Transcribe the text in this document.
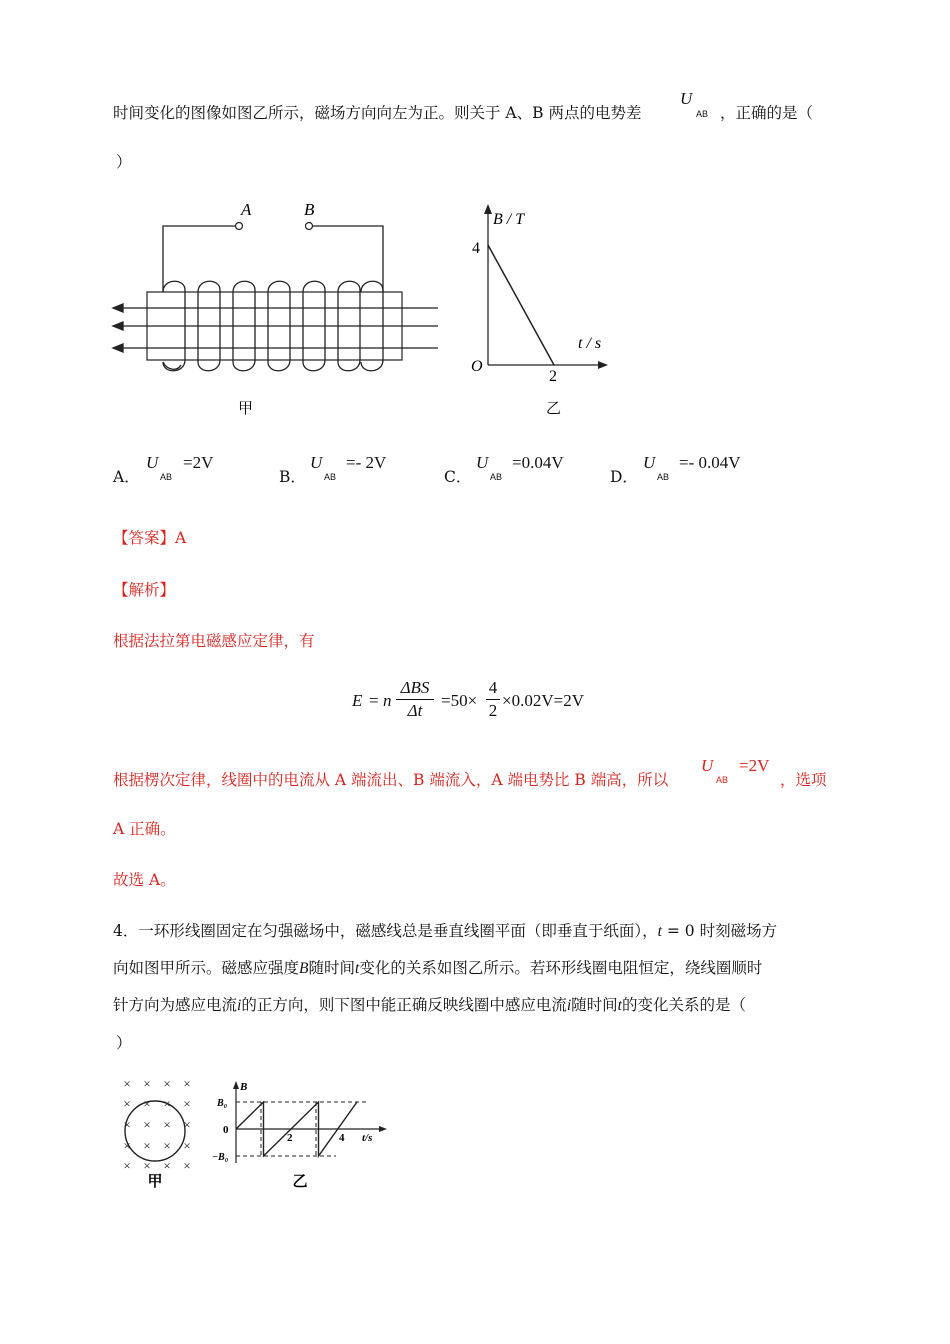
时间变化的图像如图乙所示，磁场方向向左为正。则关于 A、B 两点的电势差
U
AB ，正确的是（
）
A	B
甲
B / T
t / s
4
O
2
乙
A．
U
AB
=2V
B．
U
AB
=- 2V
C．
U
AB
=0.04V
D．
U
AB
=- 0.04V
【答案】A
【解析】
根据法拉第电磁感应定律，有
E = n
ΔBS
Δt
=50×
4
2
×0.02V=2V
根据楞次定律，线圈中的电流从 A 端流出、B 端流入，A 端电势比 B 端高，所以
U
AB
=2V
，选项
A 正确。
故选 A。
4．一环形线圈固定在匀强磁场中，磁感线总是垂直线圈平面（即垂直于纸面），t = 0 时刻磁场方
向如图甲所示。磁感应强度B随时间t变化的关系如图乙所示。若环形线圈电阻恒定，绕线圈顺时
针方向为感应电流i的正方向，则下图中能正确反映线圈中感应电流i随时间t的变化关系的是（
）
× × × ×
× × × ×
× × × ×
× × × ×
× × × ×
甲
B
B₀
0
−B₀
2	4 t/s
乙
